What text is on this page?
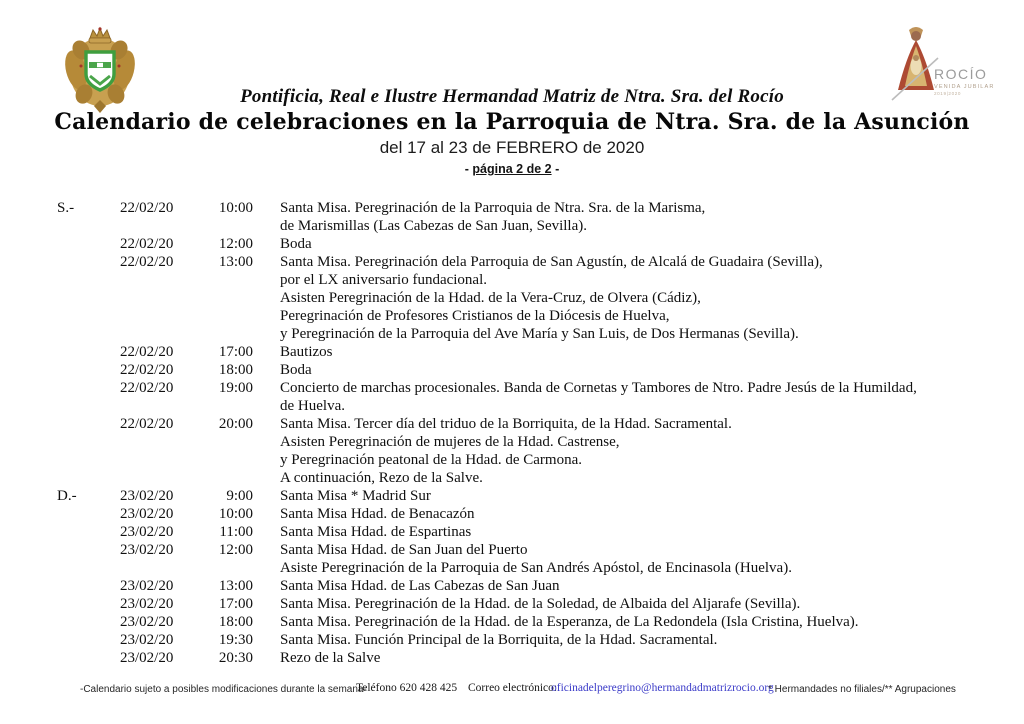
ROCÍO
VENIDA JUBILAR
2019|2020

Pontificia, Real e Ilustre Hermandad Matriz de Ntra. Sra. del Rocío

Calendario de celebraciones en la Parroquia de Ntra. Sra. de la Asunción

del 17 al 23 de FEBRERO de 2020

- página 2 de 2 -

S.-	22/02/20	10:00	Santa Misa. Peregrinación de la Parroquia de Ntra. Sra. de la Marisma,
de Marismillas (Las Cabezas de San Juan, Sevilla).
22/02/20	12:00	Boda
22/02/20	13:00	Santa Misa. Peregrinación dela Parroquia de San Agustín, de Alcalá de Guadaira (Sevilla),
por el LX aniversario fundacional.
Asisten Peregrinación de la Hdad. de la Vera-Cruz, de Olvera (Cádiz),
Peregrinación de Profesores Cristianos de la Diócesis de Huelva,
y Peregrinación de la Parroquia del Ave María y San Luis, de Dos Hermanas (Sevilla).
22/02/20	17:00	Bautizos
22/02/20	18:00	Boda
22/02/20	19:00	Concierto de marchas procesionales. Banda de Cornetas y Tambores de Ntro. Padre Jesús de la Humildad,
de Huelva.
22/02/20	20:00	Santa Misa. Tercer día del triduo de la Borriquita, de la Hdad. Sacramental.
Asisten Peregrinación de mujeres de la Hdad. Castrense,
y Peregrinación peatonal de la Hdad. de Carmona.
A continuación, Rezo de la Salve.
D.-	23/02/20	9:00	Santa Misa * Madrid Sur
23/02/20	10:00	Santa Misa Hdad. de Benacazón
23/02/20	11:00	Santa Misa Hdad. de Espartinas
23/02/20	12:00	Santa Misa Hdad. de San Juan del Puerto
Asiste Peregrinación de la Parroquia de San Andrés Apóstol, de Encinasola (Huelva).
23/02/20	13:00	Santa Misa Hdad. de Las Cabezas de San Juan
23/02/20	17:00	Santa Misa. Peregrinación de la Hdad. de la Soledad, de Albaida del Aljarafe (Sevilla).
23/02/20	18:00	Santa Misa. Peregrinación de la Hdad. de la Esperanza, de La Redondela (Isla Cristina, Huelva).
23/02/20	19:30	Santa Misa. Función Principal de la Borriquita, de la Hdad. Sacramental.
23/02/20	20:30	Rezo de la Salve
-Calendario sujeto a posibles modificaciones durante la semana-
Teléfono 620 428 425 Correo electrónico:
oficinadelperegrino@hermandadmatrizrocio.org
* Hermandades no filiales/** Agrupaciones
